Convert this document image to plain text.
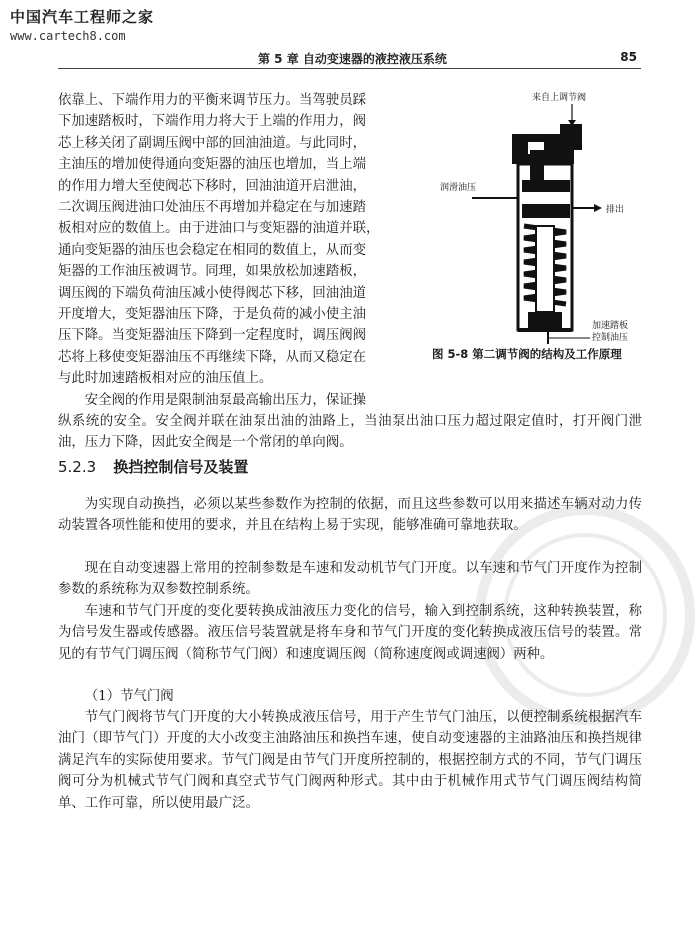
中国汽车工程师之家
www.cartech8.com
第 5 章 自动变速器的液控液压系统	85
依靠上、下端作用力的平衡来调节压力。当驾驶员踩
下加速踏板时，下端作用力将大于上端的作用力，阀
芯上移关闭了副调压阀中部的回油油道。与此同时，
主油压的增加使得通向变矩器的油压也增加，当上端
的作用力增大至使阀芯下移时，回油油道开启泄油，
二次调压阀进油口处油压不再增加并稳定在与加速踏
板相对应的数值上。由于进油口与变矩器的油道并联，
通向变矩器的油压也会稳定在相同的数值上，从而变
矩器的工作油压被调节。同理，如果放松加速踏板，
调压阀的下端负荷油压减小使得阀芯下移，回油油道
开度增大，变矩器油压下降，于是负荷的减小使主油
压下降。当变矩器油压下降到一定程度时，调压阀阀
芯将上移使变矩器油压不再继续下降，从而又稳定在
与此时加速踏板相对应的油压值上。
来自上调节阀
润滑油压
排出
加速踏板
控制油压
图 5-8 第二调节阀的结构及工作原理
安全阀的作用是限制油泵最高输出压力，保证操

纵系统的安全。安全阀并联在油泵出油的油路上，当油泵出油口压力超过限定值时，打开阀门泄油，压力下降，因此安全阀是一个常闭的单向阀。

5.2.3 换挡控制信号及装置

为实现自动换挡，必须以某些参数作为控制的依据，而且这些参数可以用来描述车辆对动力传动装置各项性能和使用的要求，并且在结构上易于实现，能够准确可靠地获取。

现在自动变速器上常用的控制参数是车速和发动机节气门开度。以车速和节气门开度作为控制参数的系统称为双参数控制系统。

车速和节气门开度的变化要转换成油液压力变化的信号，输入到控制系统，这种转换装置，称为信号发生器或传感器。液压信号装置就是将车身和节气门开度的变化转换成液压信号的装置。常见的有节气门调压阀（简称节气门阀）和速度调压阀（简称速度阀或调速阀）两种。

（1）节气门阀

节气门阀将节气门开度的大小转换成液压信号，用于产生节气门油压，以便控制系统根据汽车油门（即节气门）开度的大小改变主油路油压和换挡车速，使自动变速器的主油路油压和换挡规律满足汽车的实际使用要求。节气门阀是由节气门开度所控制的，根据控制方式的不同，节气门调压阀可分为机械式节气门阀和真空式节气门阀两种形式。其中由于机械作用式节气门调压阀结构简单、工作可靠，所以使用最广泛。
